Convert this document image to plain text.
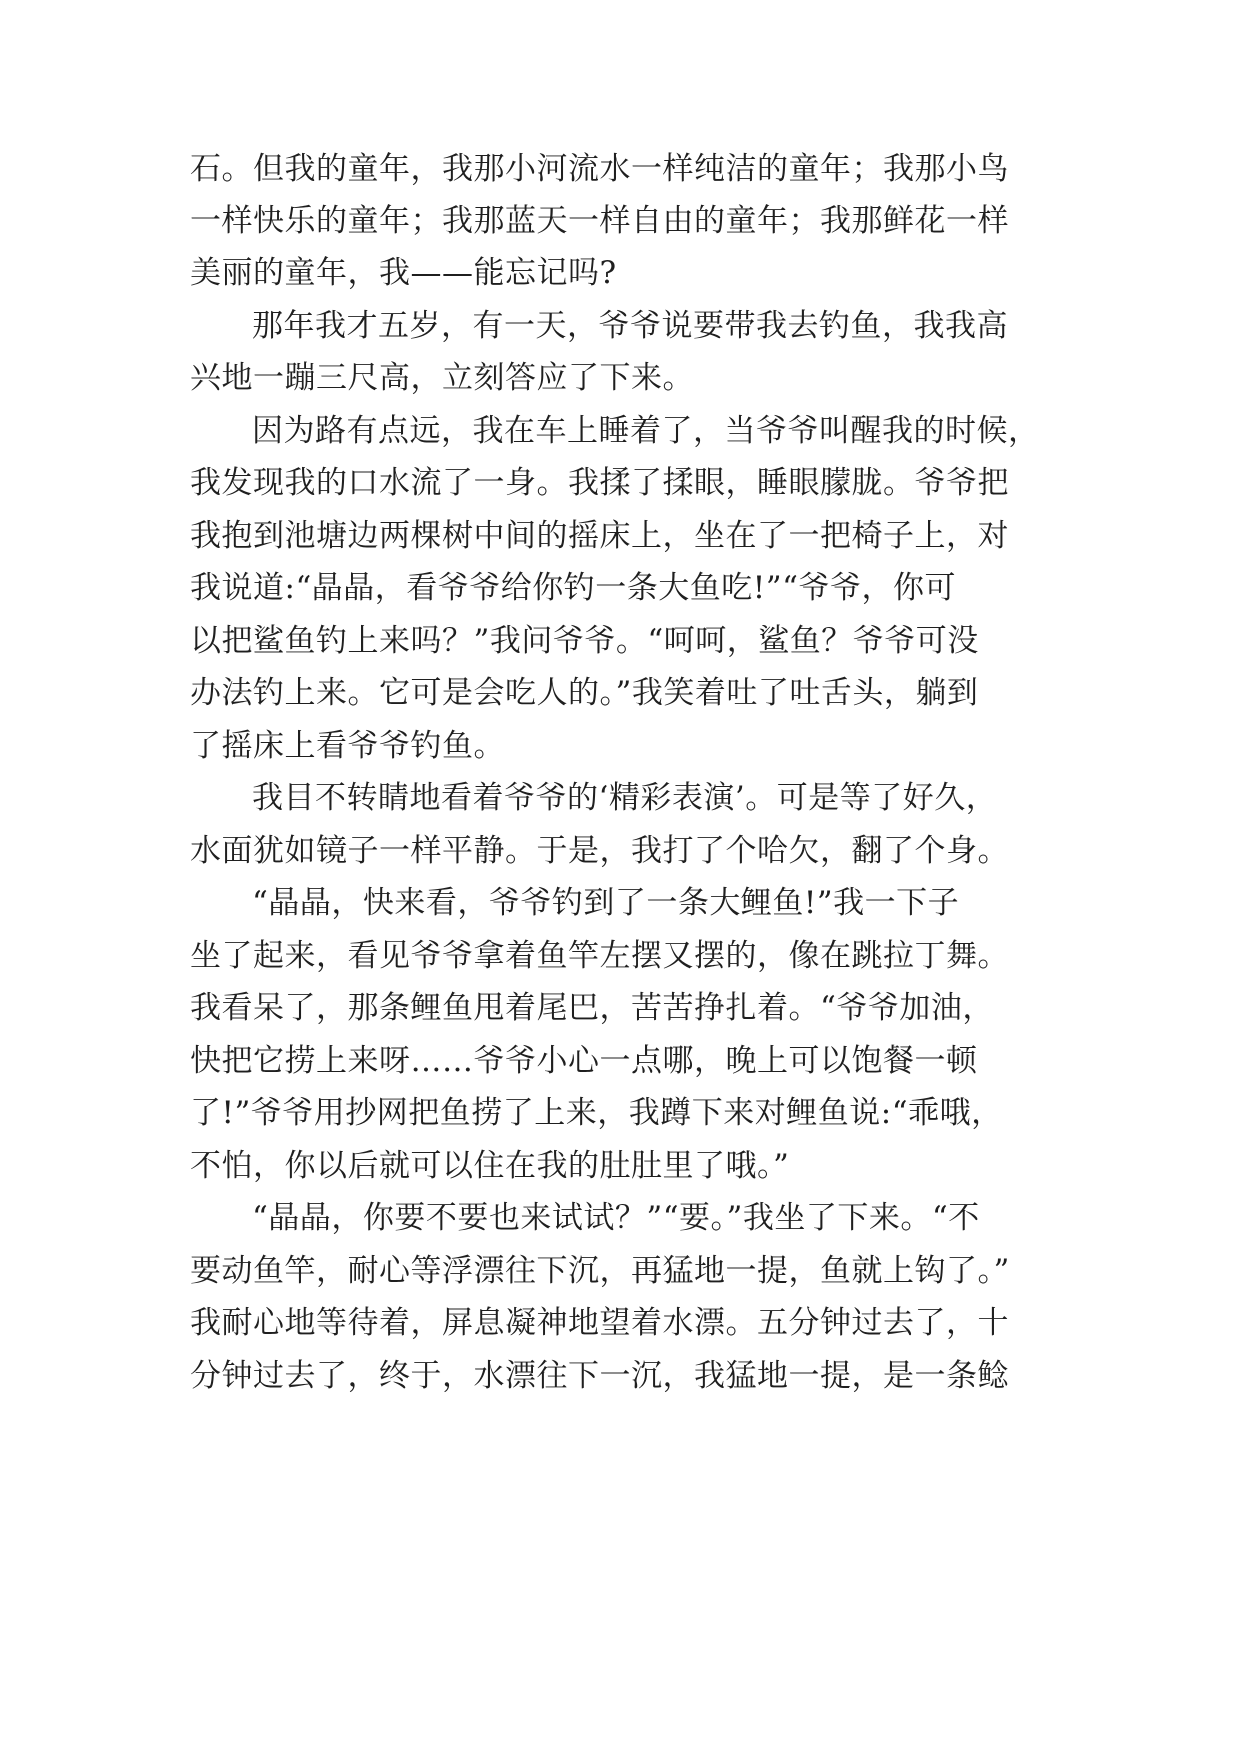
石。但我的童年，我那小河流水一样纯洁的童年；我那小鸟
一样快乐的童年；我那蓝天一样自由的童年；我那鲜花一样
美丽的童年，我——能忘记吗?
那年我才五岁，有一天，爷爷说要带我去钓鱼，我我高
兴地一蹦三尺高，立刻答应了下来。
因为路有点远，我在车上睡着了，当爷爷叫醒我的时候，
我发现我的口水流了一身。我揉了揉眼，睡眼朦胧。爷爷把
我抱到池塘边两棵树中间的摇床上，坐在了一把椅子上，对
我说道:“晶晶，看爷爷给你钓一条大鱼吃!”“爷爷，你可
以把鲨鱼钓上来吗？”我问爷爷。“呵呵，鲨鱼？爷爷可没
办法钓上来。它可是会吃人的。”我笑着吐了吐舌头，躺到
了摇床上看爷爷钓鱼。
我目不转睛地看着爷爷的‘精彩表演’。可是等了好久，
水面犹如镜子一样平静。于是，我打了个哈欠，翻了个身。
“晶晶，快来看，爷爷钓到了一条大鲤鱼!”我一下子
坐了起来，看见爷爷拿着鱼竿左摆又摆的，像在跳拉丁舞。
我看呆了，那条鲤鱼甩着尾巴，苦苦挣扎着。“爷爷加油，
快把它捞上来呀……爷爷小心一点哪，晚上可以饱餐一顿
了!”爷爷用抄网把鱼捞了上来，我蹲下来对鲤鱼说:“乖哦，
不怕，你以后就可以住在我的肚肚里了哦。”
“晶晶，你要不要也来试试？”“要。”我坐了下来。“不
要动鱼竿，耐心等浮漂往下沉，再猛地一提，鱼就上钩了。”
我耐心地等待着，屏息凝神地望着水漂。五分钟过去了，十
分钟过去了，终于，水漂往下一沉，我猛地一提，是一条鲶
